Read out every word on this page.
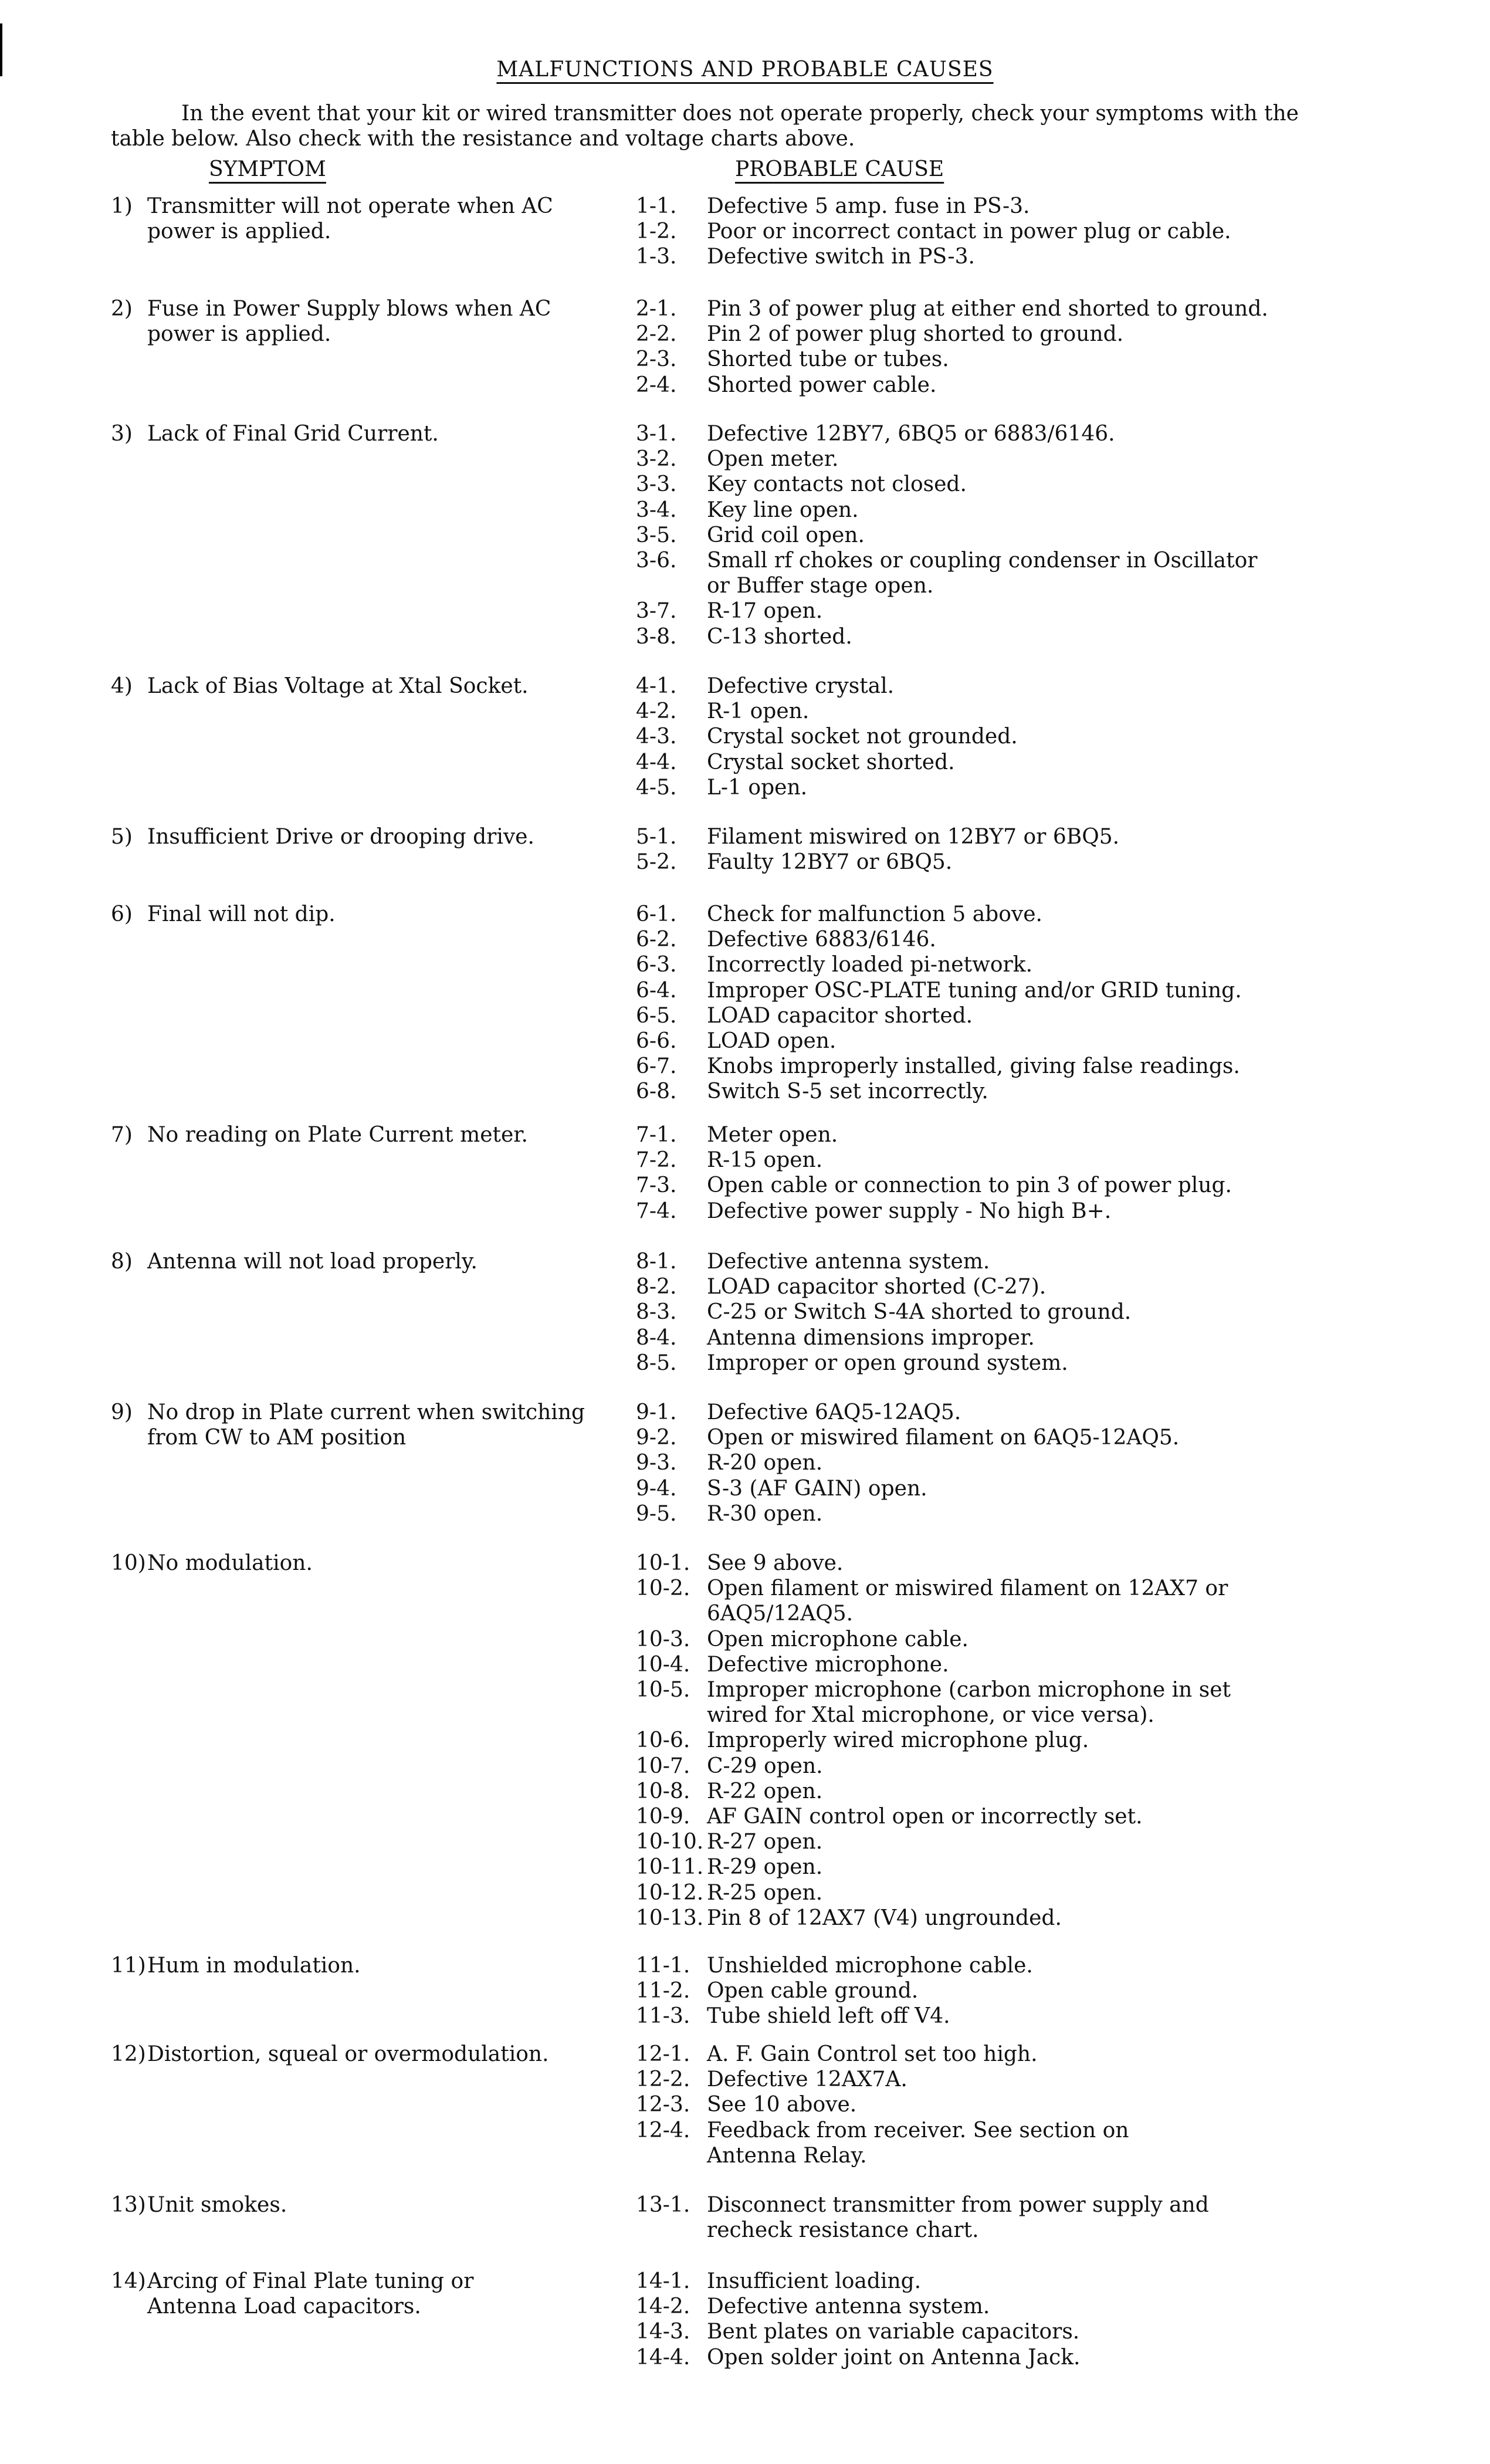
MALFUNCTIONS AND PROBABLE CAUSES
In the event that your kit or wired transmitter does not operate properly, check your symptoms with the table below. Also check with the resistance and voltage charts above.
SYMPTOM	PROBABLE CAUSE
1) Transmitter will not operate when AC
power is applied.
1-1. Defective 5 amp. fuse in PS-3.
1-2. Poor or incorrect contact in power plug or cable.
1-3. Defective switch in PS-3.
2) Fuse in Power Supply blows when AC
power is applied.
2-1. Pin 3 of power plug at either end shorted to ground.
2-2. Pin 2 of power plug shorted to ground.
2-3. Shorted tube or tubes.
2-4. Shorted power cable.
3) Lack of Final Grid Current.	3-1. Defective 12BY7, 6BQ5 or 6883/6146.
3-2. Open meter.
3-3. Key contacts not closed.
3-4. Key line open.
3-5. Grid coil open.
3-6. Small rf chokes or coupling condenser in Oscillator
or Buffer stage open.
3-7. R-17 open.
3-8. C-13 shorted.
4) Lack of Bias Voltage at Xtal Socket.	4-1. Defective crystal.
4-2. R-1 open.
4-3. Crystal socket not grounded.
4-4. Crystal socket shorted.
4-5. L-1 open.
5) Insufficient Drive or drooping drive.	5-1. Filament miswired on 12BY7 or 6BQ5.
5-2. Faulty 12BY7 or 6BQ5.
6) Final will not dip.	6-1. Check for malfunction 5 above.
6-2. Defective 6883/6146.
6-3. Incorrectly loaded pi-network.
6-4. Improper OSC-PLATE tuning and/or GRID tuning.
6-5. LOAD capacitor shorted.
6-6. LOAD open.
6-7. Knobs improperly installed, giving false readings.
6-8. Switch S-5 set incorrectly.
7) No reading on Plate Current meter.	7-1. Meter open.
7-2. R-15 open.
7-3. Open cable or connection to pin 3 of power plug.
7-4. Defective power supply - No high B+.
8) Antenna will not load properly.	8-1. Defective antenna system.
8-2. LOAD capacitor shorted (C-27).
8-3. C-25 or Switch S-4A shorted to ground.
8-4. Antenna dimensions improper.
8-5. Improper or open ground system.
9) No drop in Plate current when switching
from CW to AM position
9-1. Defective 6AQ5-12AQ5.
9-2. Open or miswired filament on 6AQ5-12AQ5.
9-3. R-20 open.
9-4. S-3 (AF GAIN) open.
9-5. R-30 open.
10) No modulation.	10-1. See 9 above.
10-2. Open filament or miswired filament on 12AX7 or
6AQ5/12AQ5.
10-3. Open microphone cable.
10-4. Defective microphone.
10-5. Improper microphone (carbon microphone in set
wired for Xtal microphone, or vice versa).
10-6. Improperly wired microphone plug.
10-7. C-29 open.
10-8. R-22 open.
10-9. AF GAIN control open or incorrectly set.
10-10. R-27 open.
10-11. R-29 open.
10-12. R-25 open.
10-13. Pin 8 of 12AX7 (V4) ungrounded.
11) Hum in modulation.	11-1. Unshielded microphone cable.
11-2. Open cable ground.
11-3. Tube shield left off V4.
12) Distortion, squeal or overmodulation.	12-1. A. F. Gain Control set too high.
12-2. Defective 12AX7A.
12-3. See 10 above.
12-4. Feedback from receiver. See section on
Antenna Relay.
13) Unit smokes.	13-1. Disconnect transmitter from power supply and
recheck resistance chart.
14) Arcing of Final Plate tuning or
Antenna Load capacitors.
14-1. Insufficient loading.
14-2. Defective antenna system.
14-3. Bent plates on variable capacitors.
14-4. Open solder joint on Antenna Jack.
